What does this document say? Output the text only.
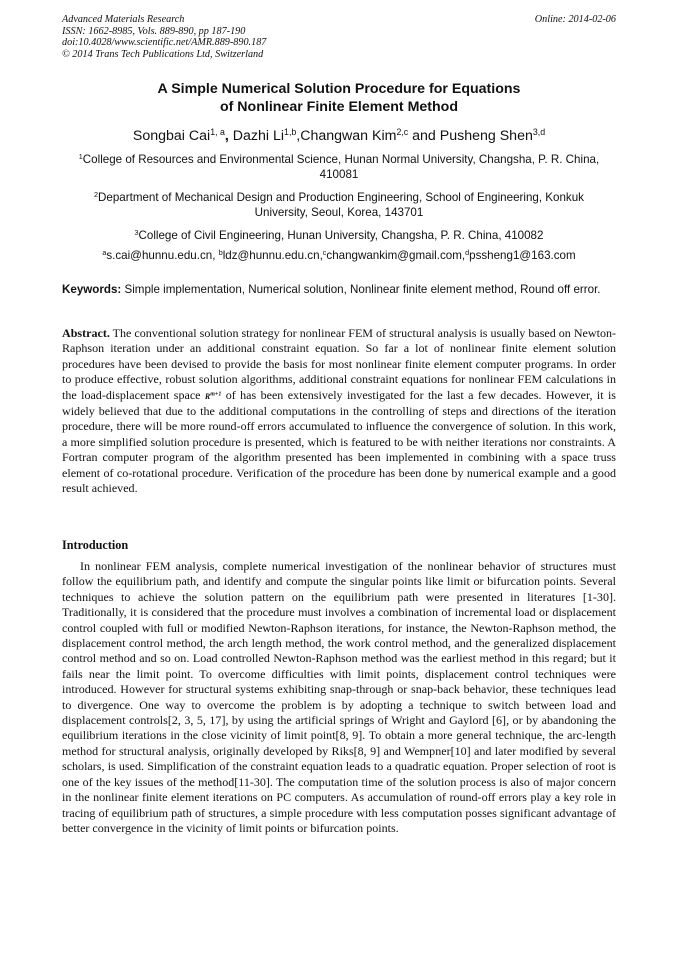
Advanced Materials Research
ISSN: 1662-8985, Vols. 889-890, pp 187-190
doi:10.4028/www.scientific.net/AMR.889-890.187
© 2014 Trans Tech Publications Ltd, Switzerland
Online: 2014-02-06
A Simple Numerical Solution Procedure for Equations
of Nonlinear Finite Element Method
Songbai Cai$^{1, a}$, Dazhi Li$^{1,b}$,Changwan Kim$^{2,c}$ and Pusheng Shen$^{3,d}$
$^1$College of Resources and Environmental Science, Hunan Normal University, Changsha, P. R. China, 410081
$^2$Department of Mechanical Design and Production Engineering, School of Engineering, Konkuk University, Seoul, Korea, 143701
$^3$College of Civil Engineering, Hunan University, Changsha, P. R. China, 410082
$^a$s.cai@hunnu.edu.cn, $^b$ldz@hunnu.edu.cn,$^c$changwankim@gmail.com,$^d$pssheng1@163.com
Keywords: Simple implementation, Numerical solution, Nonlinear finite element method, Round off error.
Abstract. The conventional solution strategy for nonlinear FEM of structural analysis is usually based on Newton-Raphson iteration under an additional constraint equation. So far a lot of nonlinear finite element solution procedures have been devised to provide the basis for most nonlinear finite element computer programs. In order to produce effective, robust solution algorithms, additional constraint equations for nonlinear FEM calculations in the load-displacement space $R^{m+1}$ of has been extensively investigated for the last a few decades. However, it is widely believed that due to the additional computations in the controlling of steps and directions of the iteration procedure, there will be more round-off errors accumulated to influence the convergence of solution. In this work, a more simplified solution procedure is presented, which is featured to be with neither iterations nor constraints. A Fortran computer program of the algorithm presented has been implemented in combining with a space truss element of co-rotational procedure. Verification of the procedure has been done by numerical example and a good result achieved.
Introduction
In nonlinear FEM analysis, complete numerical investigation of the nonlinear behavior of structures must follow the equilibrium path, and identify and compute the singular points like limit or bifurcation points. Several techniques to achieve the solution pattern on the equilibrium path were presented in literatures [1-30]. Traditionally, it is considered that the procedure must involves a combination of incremental load or displacement control coupled with full or modified Newton-Raphson iterations, for instance, the Newton-Raphson method, the displacement control method, the arch length method, the work control method, and the generalized displacement control method and so on. Load controlled Newton-Raphson method was the earliest method in this regard; but it fails near the limit point. To overcome difficulties with limit points, displacement control techniques were introduced. However for structural systems exhibiting snap-through or snap-back behavior, these techniques lead to divergence. One way to overcome the problem is by adopting a technique to switch between load and displacement controls[2, 3, 5, 17], by using the artificial springs of Wright and Gaylord [6], or by abandoning the equilibrium iterations in the close vicinity of limit point[8, 9]. To obtain a more general technique, the arc-length method for structural analysis, originally developed by Riks[8, 9] and Wempner[10] and later modified by several scholars, is used. Simplification of the constraint equation leads to a quadratic equation. Proper selection of root is one of the key issues of the method[11-30]. The computation time of the solution process is also of major concern in the nonlinear finite element iterations on PC computers. As accumulation of round-off errors play a key role in tracing of equilibrium path of structures, a simple procedure with less computation posses significant advantage of better convergence in the vicinity of limit points or bifurcation points.
